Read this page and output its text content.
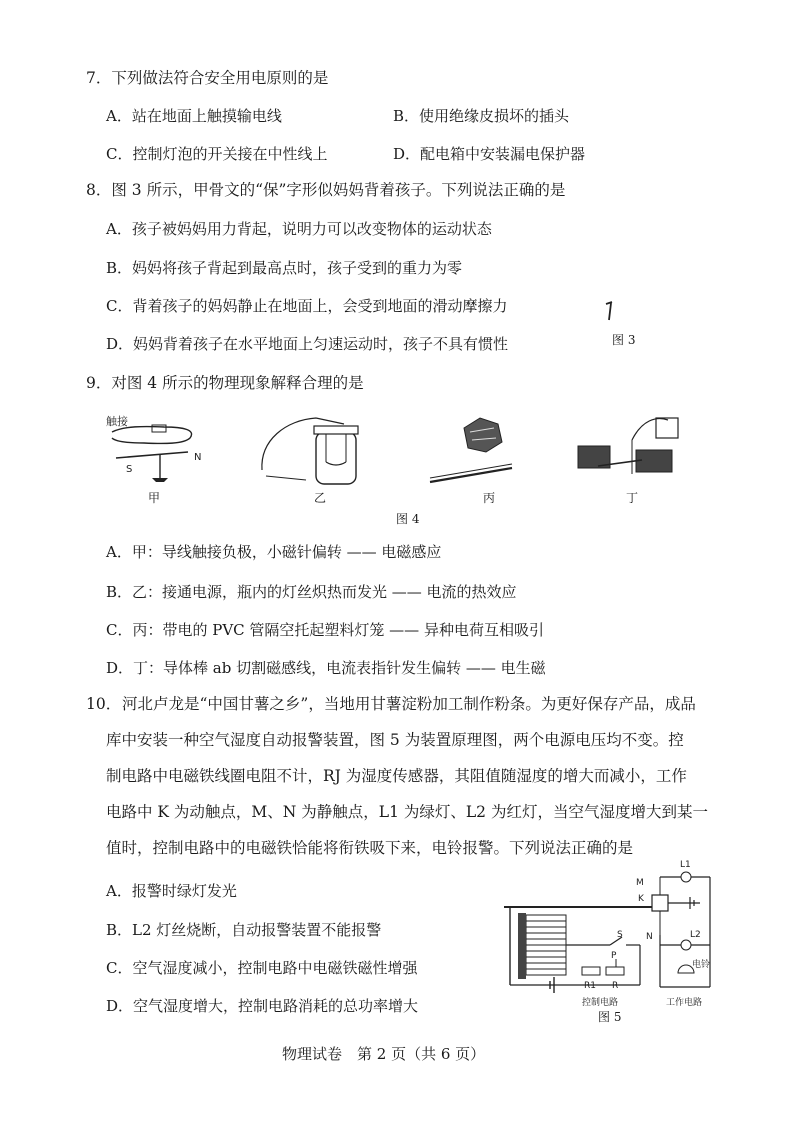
7．下列做法符合安全用电原则的是
A．站在地面上触摸输电线	B．使用绝缘皮损坏的插头
C．控制灯泡的开关接在中性线上	D．配电箱中安装漏电保护器
8．图 3 所示，甲骨文的“保”字形似妈妈背着孩子。下列说法正确的是
A．孩子被妈妈用力背起，说明力可以改变物体的运动状态
B．妈妈将孩子背起到最高点时，孩子受到的重力为零
C．背着孩子的妈妈静止在地面上，会受到地面的滑动摩擦力
D．妈妈背着孩子在水平地面上匀速运动时，孩子不具有惯性	图 3
9．对图 4 所示的物理现象解释合理的是
触接
S
N
甲	乙	丙	丁
图 4
A．甲：导线触接负极，小磁针偏转 —— 电磁感应
B．乙：接通电源，瓶内的灯丝炽热而发光 —— 电流的热效应
C．丙：带电的 PVC 管隔空托起塑料灯笼 —— 异种电荷互相吸引
D．丁：导体棒 ab 切割磁感线，电流表指针发生偏转 —— 电生磁
10． 河北卢龙是“中国甘薯之乡”，当地用甘薯淀粉加工制作粉条。为更好保存产品，成品
库中安装一种空气湿度自动报警装置，图 5 为装置原理图，两个电源电压均不变。控
制电路中电磁铁线圈电阻不计，RJ 为湿度传感器，其阻值随湿度的增大而减小，工作
电路中 K 为动触点，M、N 为静触点，L1 为绿灯、L2 为红灯，当空气湿度增大到某一
值时，控制电路中的电磁铁恰能将衔铁吸下来，电铃报警。下列说法正确的是
A．报警时绿灯发光
B．L2 灯丝烧断，自动报警装置不能报警
C．空气湿度减小，控制电路中电磁铁磁性增强
D．空气湿度增大，控制电路消耗的总功率增大
S
P
R1 R
M
K
N
L1
L2
电铃
控制电路	工作电路
图 5
物理试卷　第 2 页（共 6 页）
